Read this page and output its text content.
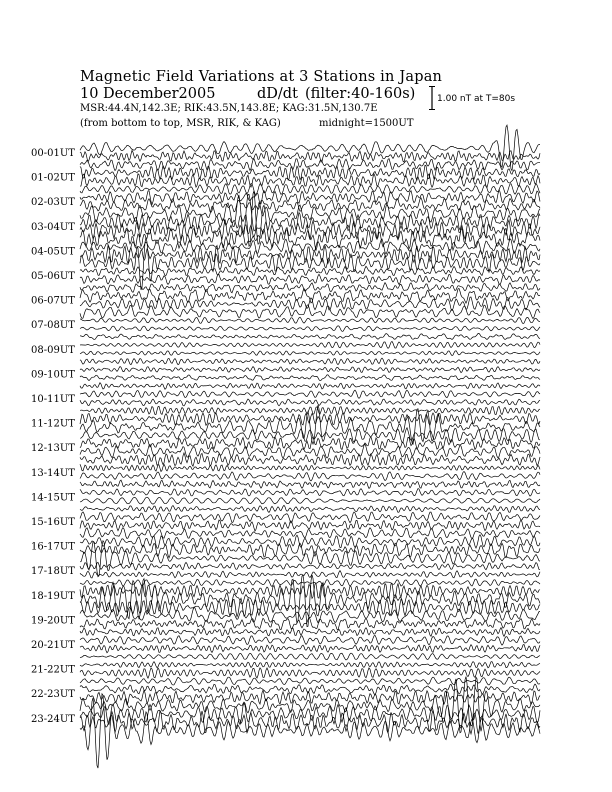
Magnetic Field Variations at 3 Stations in Japan
10 December2005	dD/dt (filter:40-160s)
MSR:44.4N,142.3E; RIK:43.5N,143.8E; KAG:31.5N,130.7E
(from bottom to top, MSR, RIK, & KAG)	midnight=1500UT
1.00 nT at T=80s
00-01UT
01-02UT
02-03UT
03-04UT
04-05UT
05-06UT
06-07UT
07-08UT
08-09UT
09-10UT
10-11UT
11-12UT
12-13UT
13-14UT
14-15UT
15-16UT
16-17UT
17-18UT
18-19UT
19-20UT
20-21UT
21-22UT
22-23UT
23-24UT
